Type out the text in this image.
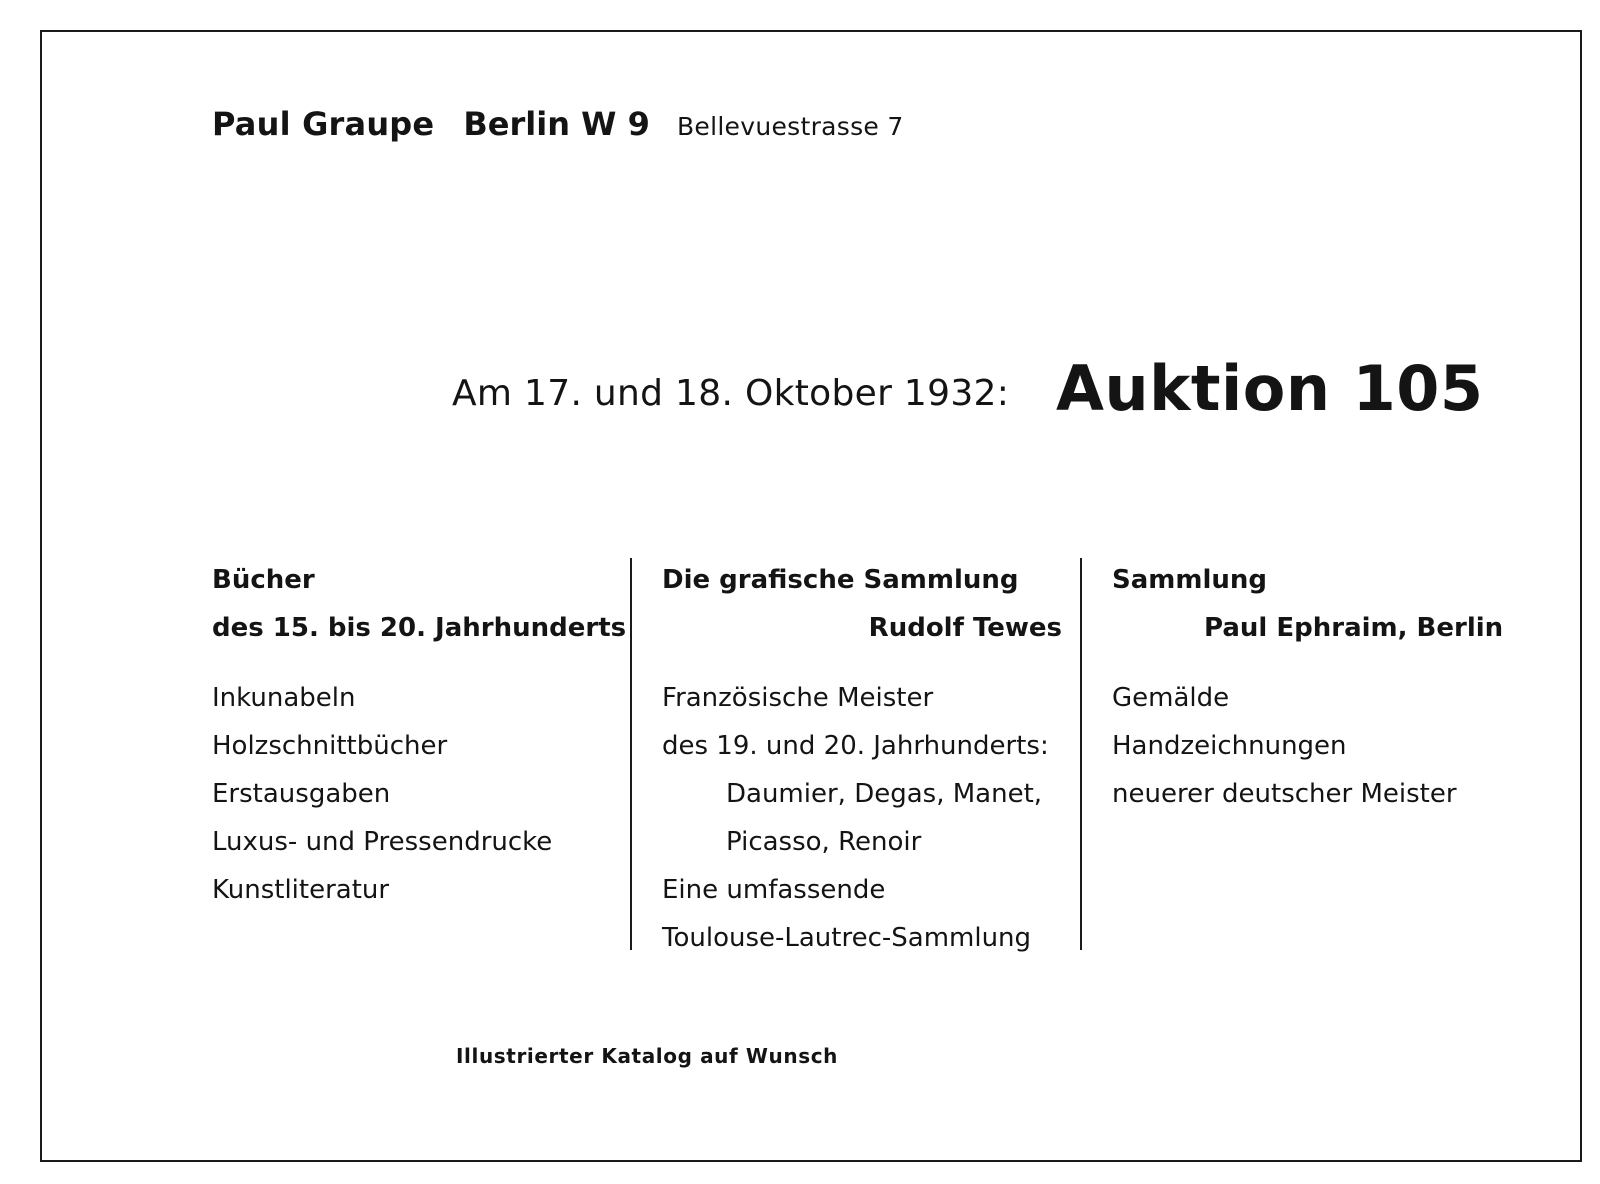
Paul Graupe Berlin W 9 Bellevuestrasse 7
Am 17. und 18. Oktober 1932: Auktion 105
Bücher
des 15. bis 20. Jahrhunderts
Inkunabeln
Holzschnittbücher
Erstausgaben
Luxus- und Pressendrucke
Kunstliteratur
Die grafische Sammlung
Rudolf Tewes
Französische Meister
des 19. und 20. Jahrhunderts:
Daumier, Degas, Manet,
Picasso, Renoir
Eine umfassende
Toulouse-Lautrec-Sammlung
Sammlung
Paul Ephraim, Berlin
Gemälde
Handzeichnungen
neuerer deutscher Meister
Illustrierter Katalog auf Wunsch
